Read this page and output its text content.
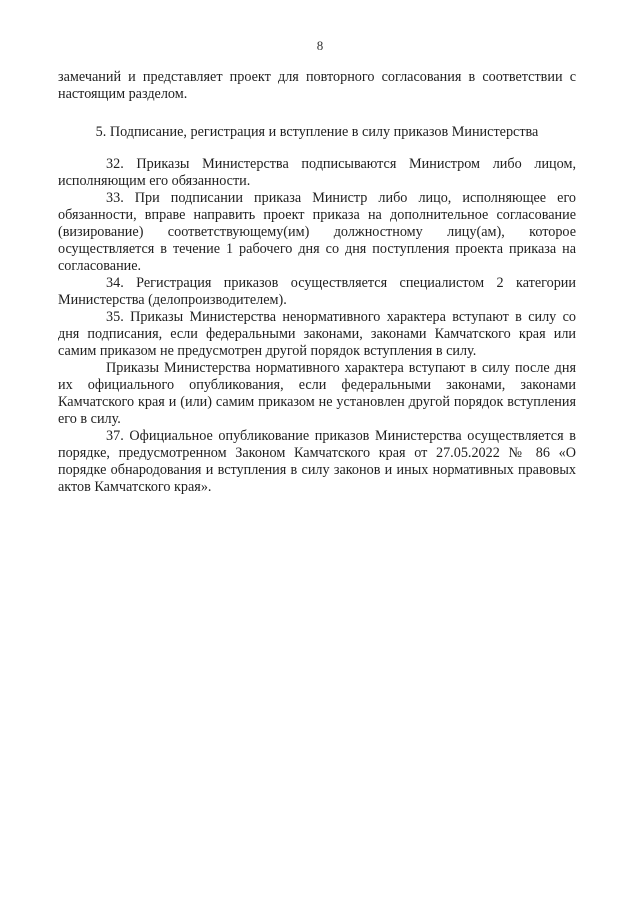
8

замечаний и представляет проект для повторного согласования в соответствии с настоящим разделом.

5. Подписание, регистрация и вступление в силу приказов Министерства

32. Приказы Министерства подписываются Министром либо лицом, исполняющим его обязанности.

33. При подписании приказа Министр либо лицо, исполняющее его обязанности, вправе направить проект приказа на дополнительное согласование (визирование) соответствующему(им) должностному лицу(ам), которое осуществляется в течение 1 рабочего дня со дня поступления проекта приказа на согласование.

34. Регистрация приказов осуществляется специалистом 2 категории Министерства (делопроизводителем).

35. Приказы Министерства ненормативного характера вступают в силу со дня подписания, если федеральными законами, законами Камчатского края или самим приказом не предусмотрен другой порядок вступления в силу.

Приказы Министерства нормативного характера вступают в силу после дня их официального опубликования, если федеральными законами, законами Камчатского края и (или) самим приказом не установлен другой порядок вступления его в силу.

37. Официальное опубликование приказов Министерства осуществляется в порядке, предусмотренном Законом Камчатского края от 27.05.2022 № 86 «О порядке обнародования и вступления в силу законов и иных нормативных правовых актов Камчатского края».
